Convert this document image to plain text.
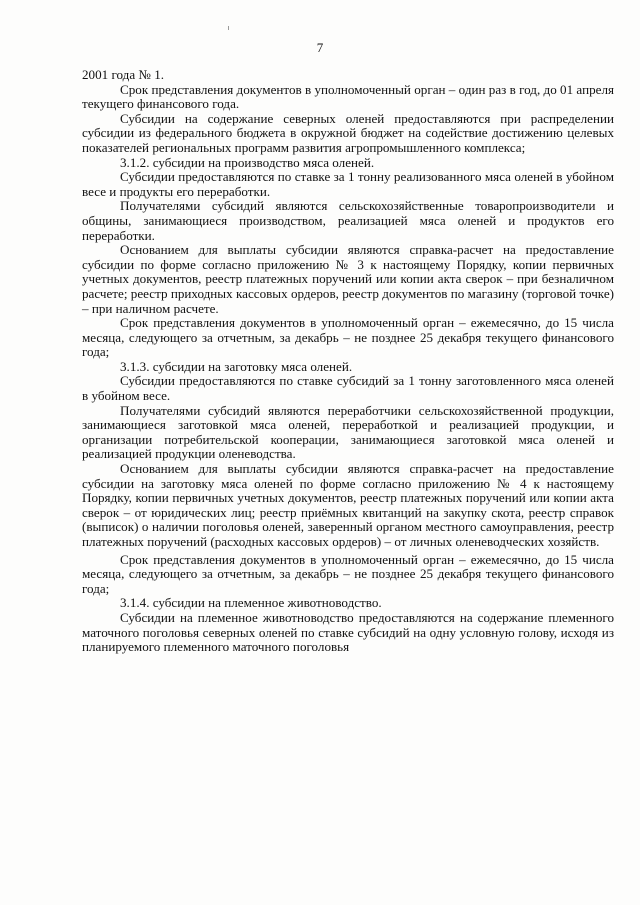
7

2001 года № 1.

Срок представления документов в уполномоченный орган – один раз в год, до 01 апреля текущего финансового года.

Субсидии на содержание северных оленей предоставляются при распределении субсидии из федерального бюджета в окружной бюджет на содействие достижению целевых показателей региональных программ развития агропромышленного комплекса;

3.1.2. субсидии на производство мяса оленей.

Субсидии предоставляются по ставке за 1 тонну реализованного мяса оленей в убойном весе и продукты его переработки.

Получателями субсидий являются сельскохозяйственные товаропроизводители и общины, занимающиеся производством, реализацией мяса оленей и продуктов его переработки.

Основанием для выплаты субсидии являются справка-расчет на предоставление субсидии по форме согласно приложению № 3 к настоящему Порядку, копии первичных учетных документов, реестр платежных поручений или копии акта сверок – при безналичном расчете; реестр приходных кассовых ордеров, реестр документов по магазину (торговой точке) – при наличном расчете.

Срок представления документов в уполномоченный орган – ежемесячно, до 15 числа месяца, следующего за отчетным, за декабрь – не позднее 25 декабря текущего финансового года;

3.1.3. субсидии на заготовку мяса оленей.

Субсидии предоставляются по ставке субсидий за 1 тонну заготовленного мяса оленей в убойном весе.

Получателями субсидий являются переработчики сельскохозяйственной продукции, занимающиеся заготовкой мяса оленей, переработкой и реализацией продукции, и организации потребительской кооперации, занимающиеся заготовкой мяса оленей и реализацией продукции оленеводства.

Основанием для выплаты субсидии являются справка-расчет на предоставление субсидии на заготовку мяса оленей по форме согласно приложению № 4 к настоящему Порядку, копии первичных учетных документов, реестр платежных поручений или копии акта сверок – от юридических лиц; реестр приёмных квитанций на закупку скота, реестр справок (выписок) о наличии поголовья оленей, заверенный органом местного самоуправления, реестр платежных поручений (расходных кассовых ордеров) – от личных оленеводческих хозяйств.

Срок представления документов в уполномоченный орган – ежемесячно, до 15 числа месяца, следующего за отчетным, за декабрь – не позднее 25 декабря текущего финансового года;

3.1.4. субсидии на племенное животноводство.

Субсидии на племенное животноводство предоставляются на содержание племенного маточного поголовья северных оленей по ставке субсидий на одну условную голову, исходя из планируемого племенного маточного поголовья
